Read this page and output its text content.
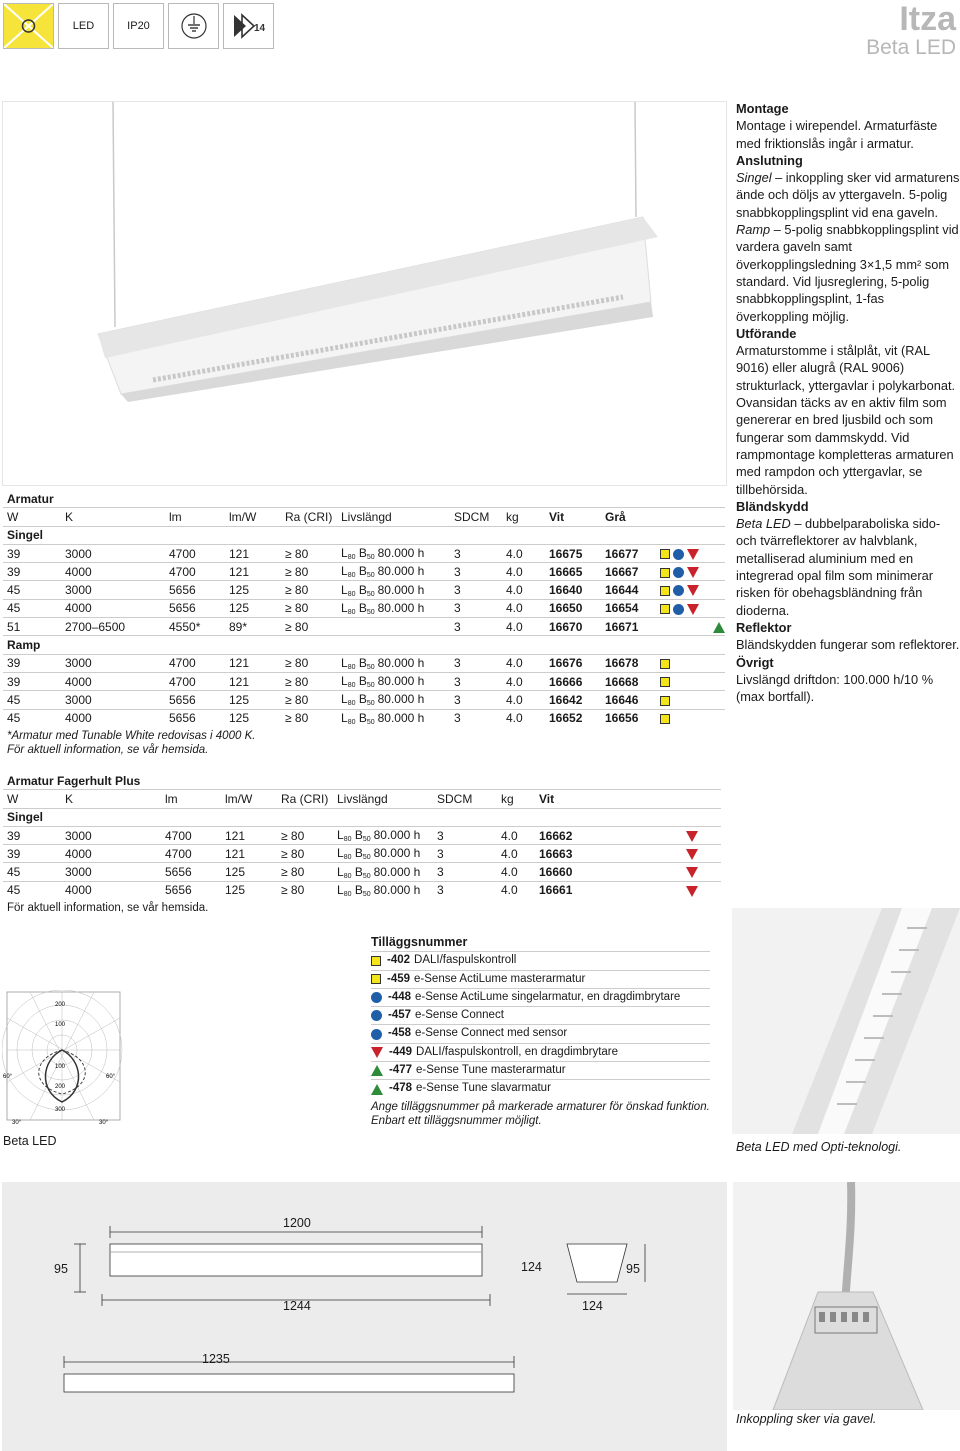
LED	IP20	14	Itza
Beta LED
Armatur										
W	K	lm	lm/W	Ra (CRI)	Livslängd	SDCM	kg	Vit	Grå	
Singel										
39	3000	4700	121	≥ 80	$L_{80}$ $B_{50}$ 80.000 h	3	4.0	16675	16677	
39	4000	4700	121	≥ 80	$L_{80}$ $B_{50}$ 80.000 h	3	4.0	16665	16667	
45	3000	5656	125	≥ 80	$L_{80}$ $B_{50}$ 80.000 h	3	4.0	16640	16644	
45	4000	5656	125	≥ 80	$L_{80}$ $B_{50}$ 80.000 h	3	4.0	16650	16654	
51	2700–6500	4550*	89*	≥ 80		3	4.0	16670	16671	
Ramp										
39	3000	4700	121	≥ 80	$L_{80}$ $B_{50}$ 80.000 h	3	4.0	16676	16678	
39	4000	4700	121	≥ 80	$L_{80}$ $B_{50}$ 80.000 h	3	4.0	16666	16668	
45	3000	5656	125	≥ 80	$L_{80}$ $B_{50}$ 80.000 h	3	4.0	16642	16646	
45	4000	5656	125	≥ 80	$L_{80}$ $B_{50}$ 80.000 h	3	4.0	16652	16656	
*Armatur med Tunable White redovisas i 4000 K.
För aktuell information, se vår hemsida.
Armatur Fagerhult Plus									
W	K	lm	lm/W	Ra (CRI)	Livslängd	SDCM	kg	Vit	
Singel									
39	3000	4700	121	≥ 80	$L_{80}$ $B_{50}$ 80.000 h	3	4.0	16662	
39	4000	4700	121	≥ 80	$L_{80}$ $B_{50}$ 80.000 h	3	4.0	16663	
45	3000	5656	125	≥ 80	$L_{80}$ $B_{50}$ 80.000 h	3	4.0	16660	
45	4000	5656	125	≥ 80	$L_{80}$ $B_{50}$ 80.000 h	3	4.0	16661	
För aktuell information, se vår hemsida.

Montage

Montage i wirependel. Armaturfäste med friktionslås ingår i armatur.

Anslutning

Singel – inkoppling sker vid armaturens ände och döljs av yttergaveln. 5-polig snabbkopplingsplint vid ena gaveln.

Ramp – 5-polig snabbkopplingsplint vid vardera gaveln samt överkopplingsledning 3×1,5 mm² som standard. Vid ljusreglering, 5-polig snabbkopplingsplint, 1-fas överkoppling möjlig.

Utförande

Armaturstomme i stålplåt, vit (RAL 9016) eller alugrå (RAL 9006) strukturlack, yttergavlar i polykarbonat. Ovansidan täcks av en aktiv film som genererar en bred ljusbild och som fungerar som dammskydd. Vid rampmontage kompletteras armaturen med rampdon och yttergavlar, se tillbehörsida.

Bländskydd

Beta LED – dubbelparaboliska sido- och tvärreflektorer av halvblank, metalliserad aluminium med en integrerad opal film som minimerar risken för obehagsbländning från dioderna.

Reflektor

Bländskydden fungerar som reflektorer.

Övrigt

Livslängd driftdon: 100.000 h/10 % (max bortfall).

200
100
100
200
300
60°	60°
30°	30°
Beta LED
Tilläggsnummer
-402 DALI/faspulskontroll
-459 e-Sense ActiLume masterarmatur
-448 e-Sense ActiLume singelarmatur, en dragdimbrytare
-457 e-Sense Connect
-458 e-Sense Connect med sensor
-449 DALI/faspulskontroll, en dragdimbrytare
-477 e-Sense Tune masterarmatur
-478 e-Sense Tune slavarmatur
Ange tilläggsnummer på markerade armaturer för önskad funktion.
Enbart ett tilläggsnummer möjligt.
Beta LED med Opti-teknologi.
1200
95	124	95
1244	124
1235
Inkoppling sker via gavel.
